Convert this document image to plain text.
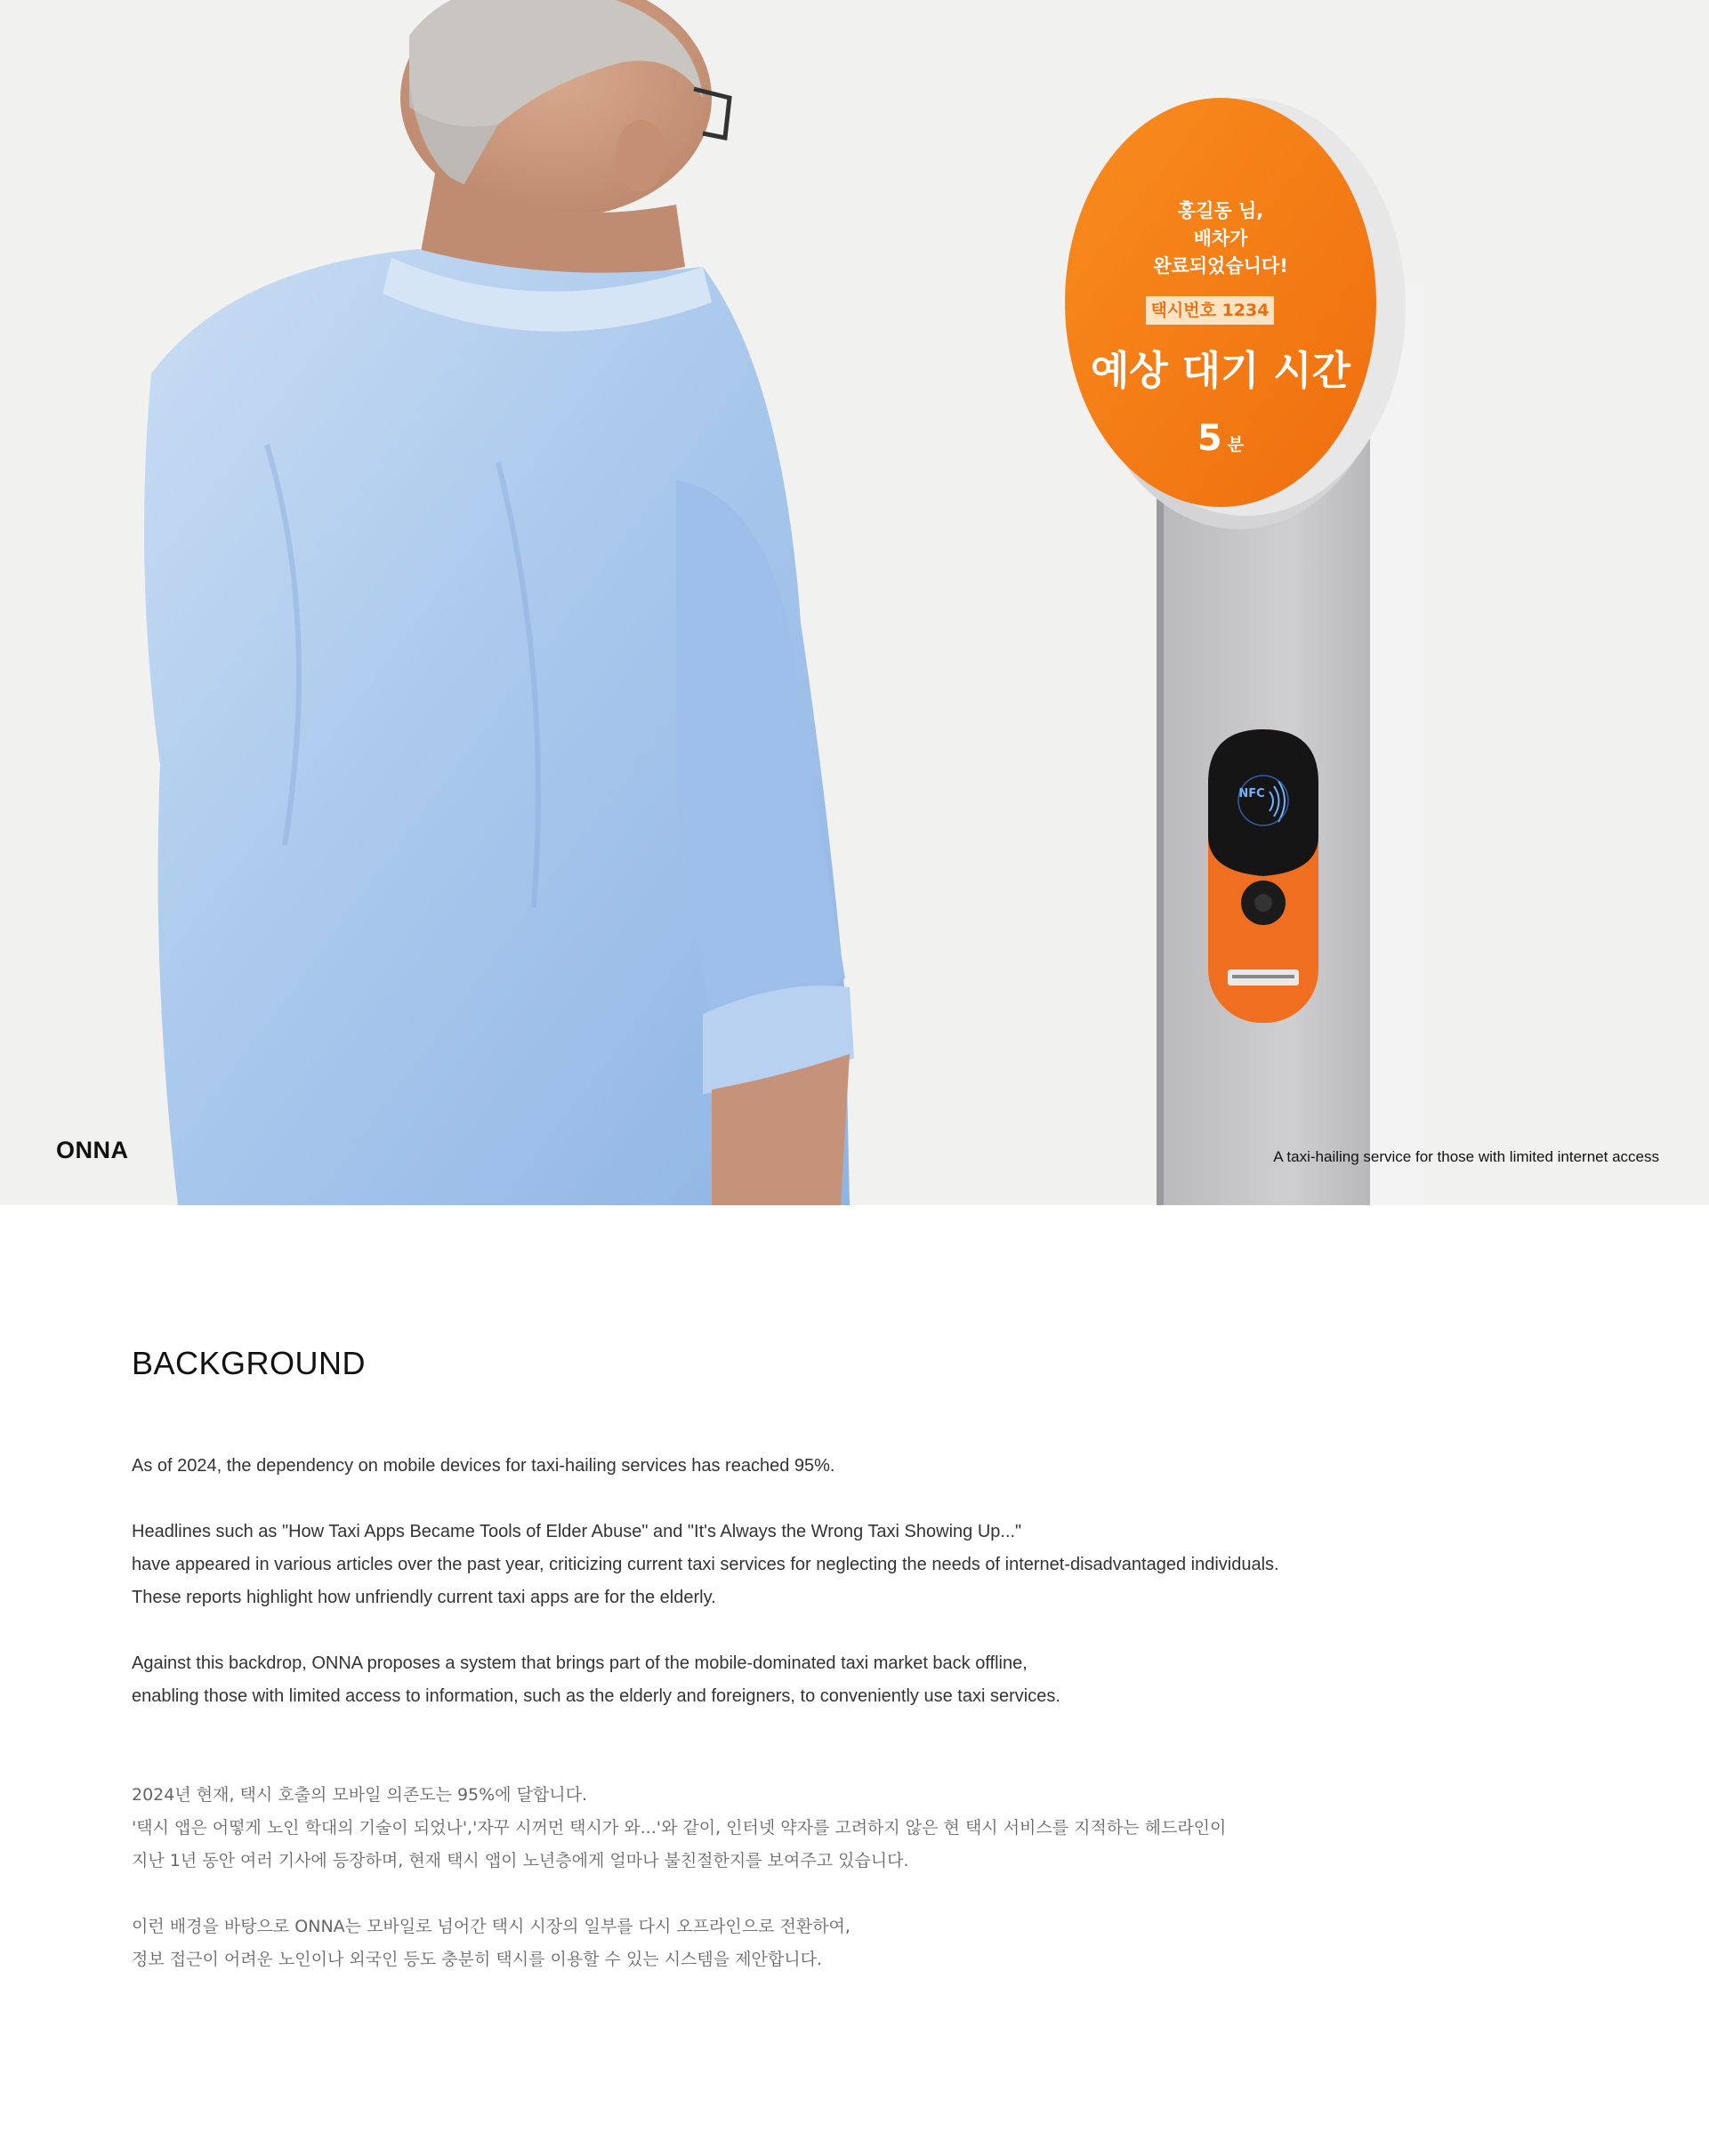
홍길동 님,
배차가
완료되었습니다!
택시번호 1234
예상 대기 시간
5 분
NFC
ONNA	A taxi-hailing service for those with limited internet access
BACKGROUND

As of 2024, the dependency on mobile devices for taxi-hailing services has reached 95%.

Headlines such as "How Taxi Apps Became Tools of Elder Abuse" and "It's Always the Wrong Taxi Showing Up..."

have appeared in various articles over the past year, criticizing current taxi services for neglecting the needs of internet-disadvantaged individuals.

These reports highlight how unfriendly current taxi apps are for the elderly.

Against this backdrop, ONNA proposes a system that brings part of the mobile-dominated taxi market back offline,

enabling those with limited access to information, such as the elderly and foreigners, to conveniently use taxi services.

2024년 현재, 택시 호출의 모바일 의존도는 95%에 달합니다.

'택시 앱은 어떻게 노인 학대의 기술이 되었나','자꾸 시꺼먼 택시가 와...'와 같이, 인터넷 약자를 고려하지 않은 현 택시 서비스를 지적하는 헤드라인이

지난 1년 동안 여러 기사에 등장하며, 현재 택시 앱이 노년층에게 얼마나 불친절한지를 보여주고 있습니다.

이런 배경을 바탕으로 ONNA는 모바일로 넘어간 택시 시장의 일부를 다시 오프라인으로 전환하여,

정보 접근이 어려운 노인이나 외국인 등도 충분히 택시를 이용할 수 있는 시스템을 제안합니다.
